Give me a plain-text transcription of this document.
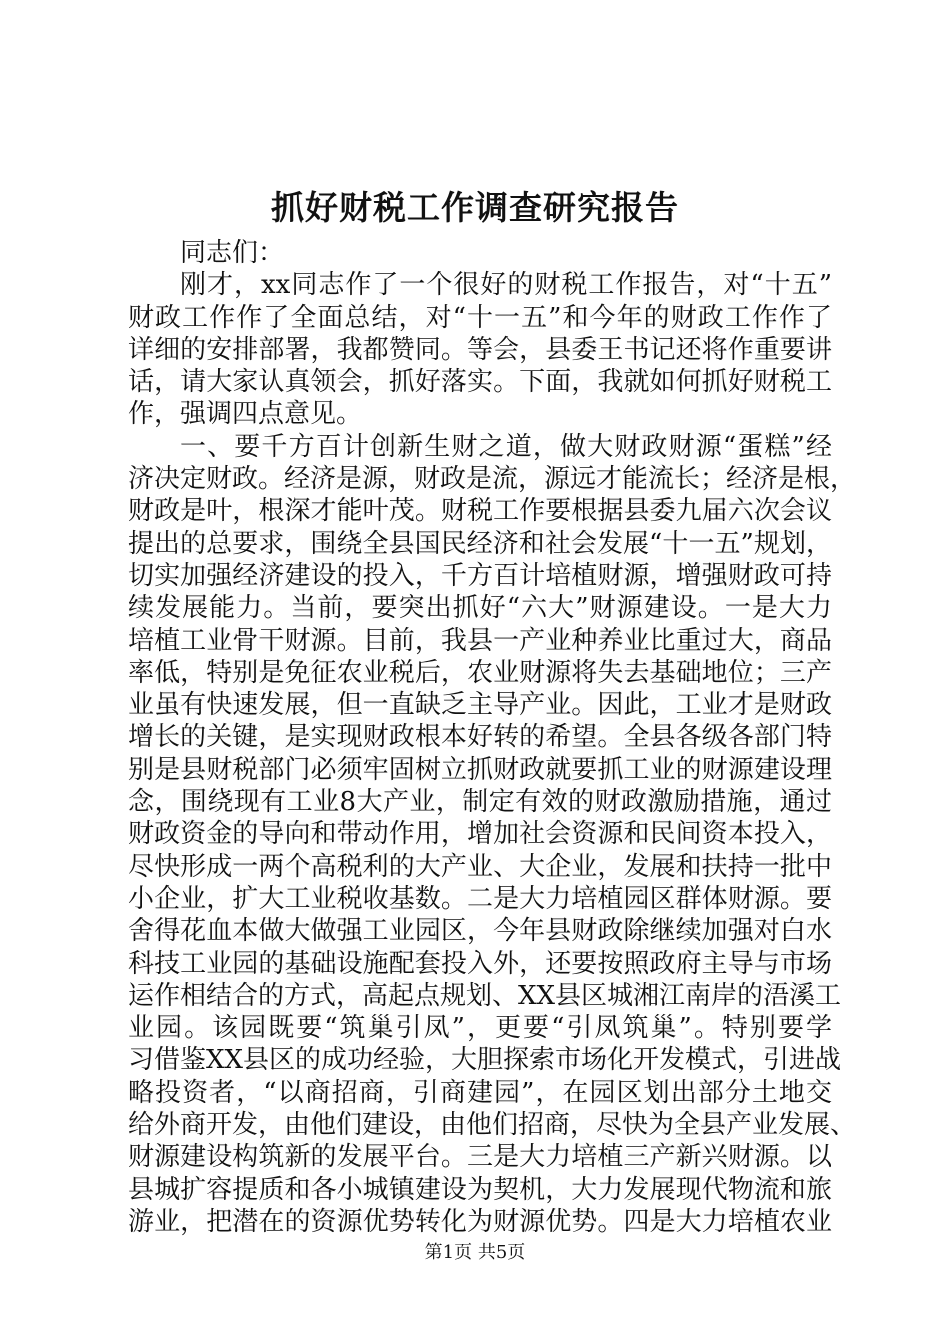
抓好财税工作调查研究报告
同志们：
刚才，xx同志作了一个很好的财税工作报告，对“十五”
财政工作作了全面总结，对“十一五”和今年的财政工作作了
详细的安排部署，我都赞同。等会，县委王书记还将作重要讲
话，请大家认真领会，抓好落实。下面，我就如何抓好财税工
作，强调四点意见。
一、要千方百计创新生财之道，做大财政财源“蛋糕”经
济决定财政。经济是源，财政是流，源远才能流长；经济是根，
财政是叶，根深才能叶茂。财税工作要根据县委九届六次会议
提出的总要求，围绕全县国民经济和社会发展“十一五”规划，
切实加强经济建设的投入，千方百计培植财源，增强财政可持
续发展能力。当前，要突出抓好“六大”财源建设。一是大力
培植工业骨干财源。目前，我县一产业种养业比重过大，商品
率低，特别是免征农业税后，农业财源将失去基础地位；三产
业虽有快速发展，但一直缺乏主导产业。因此，工业才是财政
增长的关键，是实现财政根本好转的希望。全县各级各部门特
别是县财税部门必须牢固树立抓财政就要抓工业的财源建设理
念，围绕现有工业8大产业，制定有效的财政激励措施，通过
财政资金的导向和带动作用，增加社会资源和民间资本投入，
尽快形成一两个高税利的大产业、大企业，发展和扶持一批中
小企业，扩大工业税收基数。二是大力培植园区群体财源。要
舍得花血本做大做强工业园区，今年县财政除继续加强对白水
科技工业园的基础设施配套投入外，还要按照政府主导与市场
运作相结合的方式，高起点规划、XX县区城湘江南岸的浯溪工
业园。该园既要“筑巢引凤”，更要“引凤筑巢”。特别要学
习借鉴XX县区的成功经验，大胆探索市场化开发模式，引进战
略投资者，“以商招商，引商建园”，在园区划出部分土地交
给外商开发，由他们建设，由他们招商，尽快为全县产业发展、
财源建设构筑新的发展平台。三是大力培植三产新兴财源。以
县城扩容提质和各小城镇建设为契机，大力发展现代物流和旅
游业，把潜在的资源优势转化为财源优势。四是大力培植农业
第1页 共5页
